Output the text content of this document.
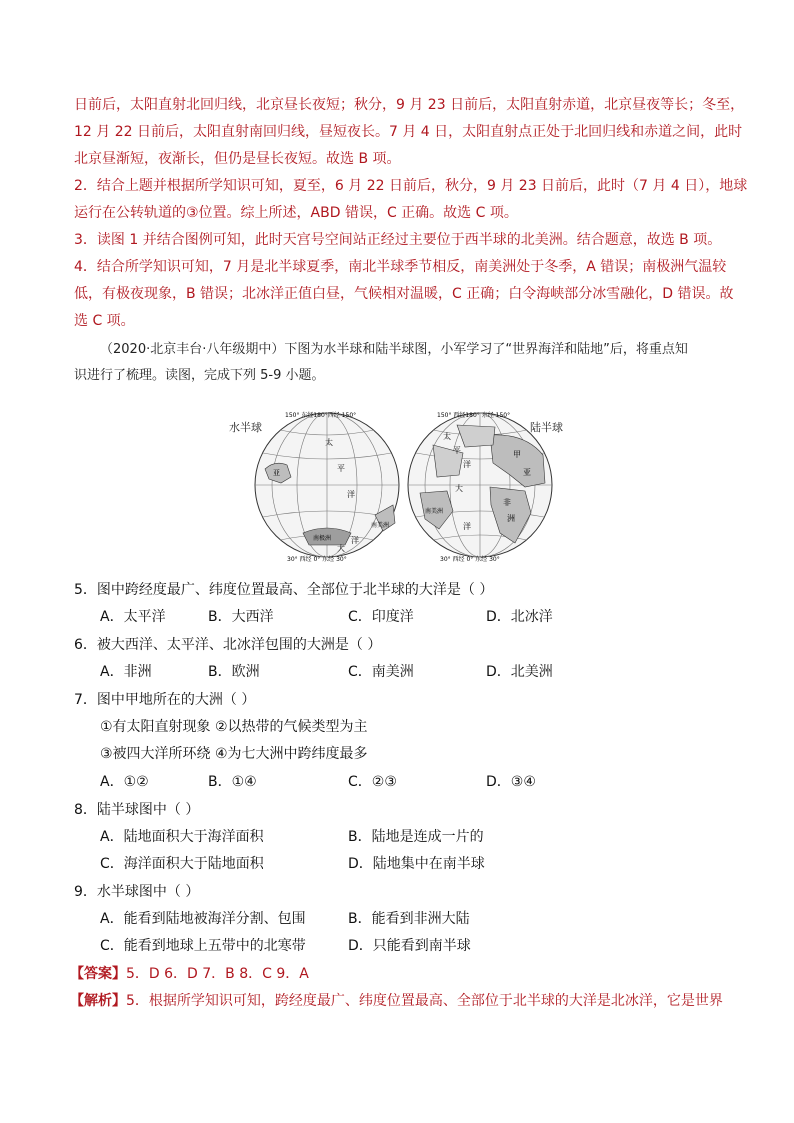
日前后，太阳直射北回归线，北京昼长夜短；秋分，9 月 23 日前后，太阳直射赤道，北京昼夜等长；冬至，
12 月 22 日前后，太阳直射南回归线，昼短夜长。7 月 4 日，太阳直射点正处于北回归线和赤道之间，此时
北京昼渐短，夜渐长，但仍是昼长夜短。故选 B 项。
2．结合上题并根据所学知识可知，夏至，6 月 22 日前后，秋分，9 月 23 日前后，此时（7 月 4 日），地球
运行在公转轨道的③位置。综上所述，ABD 错误，C 正确。故选 C 项。
3．读图 1 并结合图例可知，此时天宫号空间站正经过主要位于西半球的北美洲。结合题意，故选 B 项。
4．结合所学知识可知，7 月是北半球夏季，南北半球季节相反，南美洲处于冬季，A 错误；南极洲气温较
低，有极夜现象，B 错误；北冰洋正值白昼，气候相对温暖，C 正确；白令海峡部分冰雪融化，D 错误。故
选 C 项。
（2020·北京丰台·八年级期中）下图为水半球和陆半球图，小军学习了“世界海洋和陆地”后，将重点知
识进行了梳理。读图，完成下列 5-9 小题。
水半球	陆半球
150° 东经180°西经 150°
30° 西经 0° 东经 30°
太
平
洋
大
洋
南极洲
南美洲
亚
150° 西经180° 东经 150°
30° 西经 0° 东经 30°
太
平
洋
甲
大
亚
非
洲
南美洲
洋
5．图中跨经度最广、纬度位置最高、全部位于北半球的大洋是（ ）
A．太平洋	B．大西洋	C．印度洋	D．北冰洋
6．被大西洋、太平洋、北冰洋包围的大洲是（ ）
A．非洲	B．欧洲	C．南美洲	D．北美洲
7．图中甲地所在的大洲（ ）
①有太阳直射现象 ②以热带的气候类型为主
③被四大洋所环绕 ④为七大洲中跨纬度最多
A．①②	B．①④	C．②③	D．③④
8．陆半球图中（ ）
A．陆地面积大于海洋面积	B．陆地是连成一片的
C．海洋面积大于陆地面积	D．陆地集中在南半球
9．水半球图中（ ）
A．能看到陆地被海洋分割、包围	B．能看到非洲大陆
C．能看到地球上五带中的北寒带	D．只能看到南半球
【答案】5．D 6．D 7．B 8．C 9．A
【解析】5．根据所学知识可知，跨经度最广、纬度位置最高、全部位于北半球的大洋是北冰洋，它是世界
